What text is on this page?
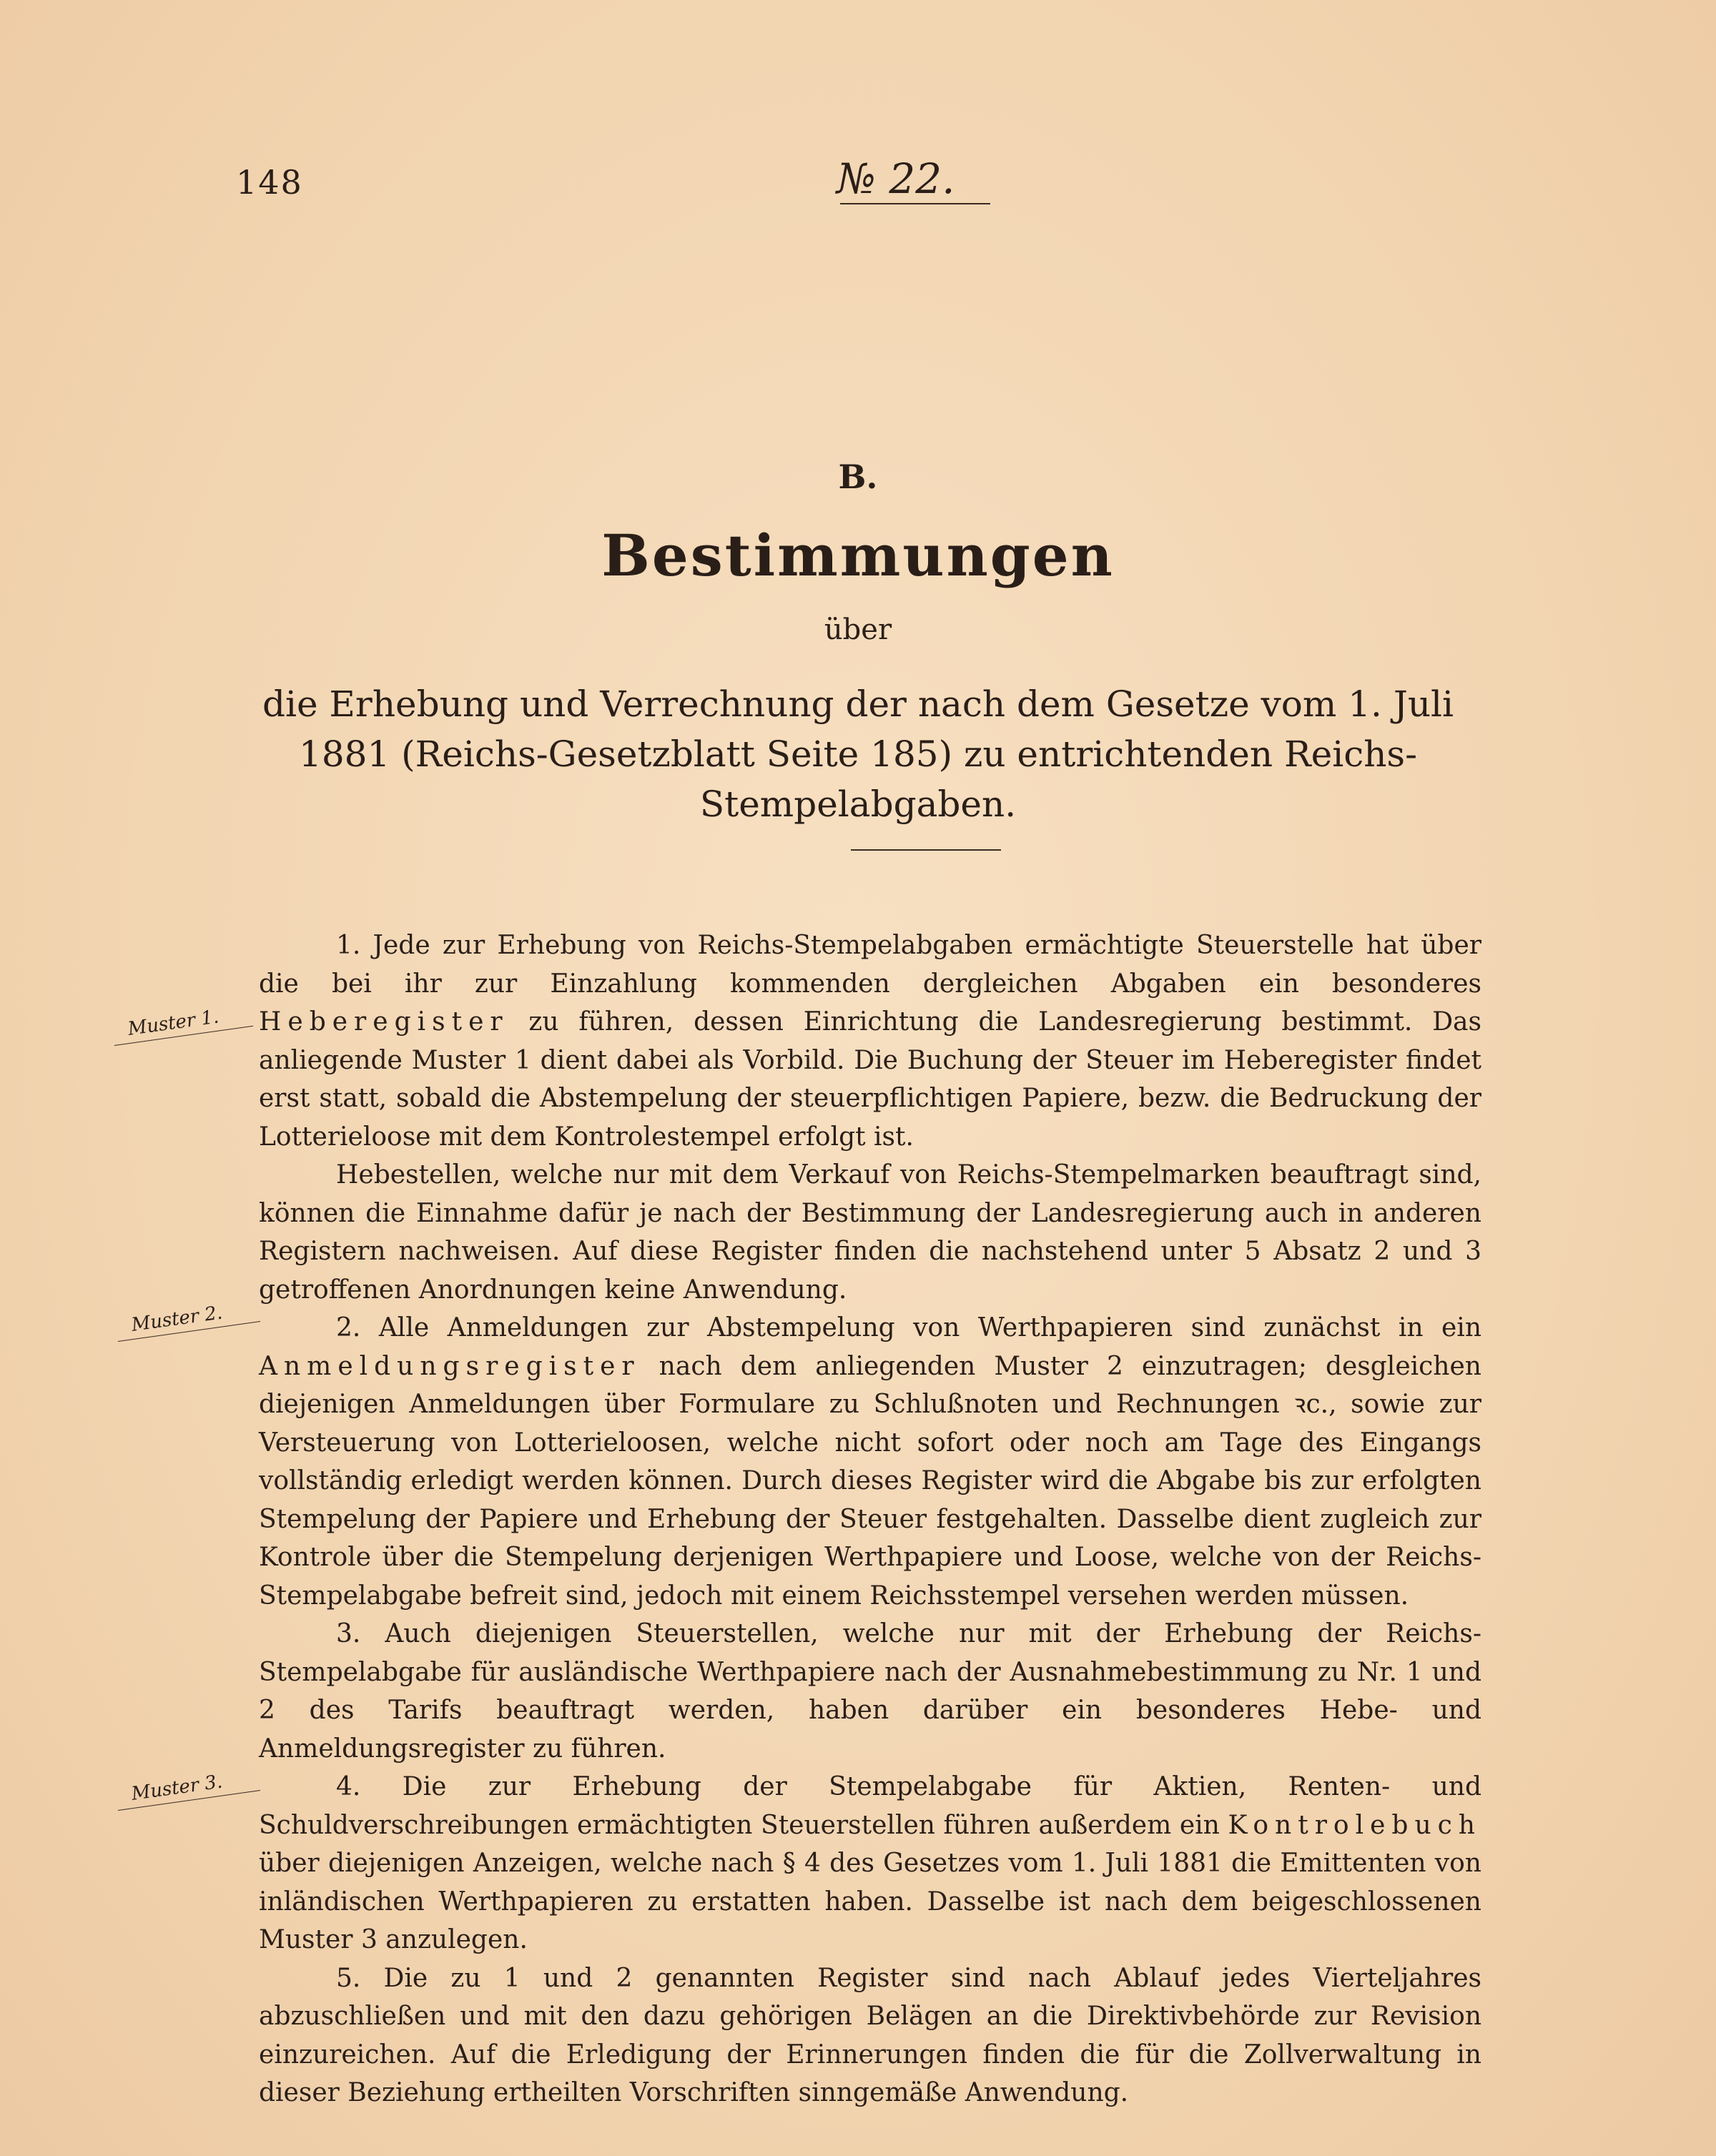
148	№ 22.
B.
Bestimmungen
über
die Erhebung und Verrechnung der nach dem Gesetze vom 1. Juli 1881 (Reichs-Gesetzblatt Seite 185) zu entrichtenden Reichs-Stempelabgaben.
Muster 1.
Muster 2.
Muster 3.

1. Jede zur Erhebung von Reichs-Stempelabgaben ermächtigte Steuerstelle hat über die bei ihr zur Einzahlung kommenden dergleichen Abgaben ein besonderes Heberegister zu führen, dessen Einrichtung die Landesregierung bestimmt. Das anliegende Muster 1 dient dabei als Vorbild. Die Buchung der Steuer im Heberegister findet erst statt, sobald die Abstempelung der steuerpflichtigen Papiere, bezw. die Bedruckung der Lotterieloose mit dem Kontrolestempel erfolgt ist.

Hebestellen, welche nur mit dem Verkauf von Reichs-Stempelmarken beauftragt sind, können die Einnahme dafür je nach der Bestimmung der Landesregierung auch in anderen Registern nachweisen. Auf diese Register finden die nachstehend unter 5 Absatz 2 und 3 getroffenen Anordnungen keine Anwendung.

2. Alle Anmeldungen zur Abstempelung von Werthpapieren sind zunächst in ein Anmeldungsregister nach dem anliegenden Muster 2 einzutragen; desgleichen diejenigen Anmeldungen über Formulare zu Schlußnoten und Rechnungen ꝛc., sowie zur Versteuerung von Lotterieloosen, welche nicht sofort oder noch am Tage des Eingangs vollständig erledigt werden können. Durch dieses Register wird die Abgabe bis zur erfolgten Stempelung der Papiere und Erhebung der Steuer festgehalten. Dasselbe dient zugleich zur Kontrole über die Stempelung derjenigen Werthpapiere und Loose, welche von der Reichs-Stempelabgabe befreit sind, jedoch mit einem Reichsstempel versehen werden müssen.

3. Auch diejenigen Steuerstellen, welche nur mit der Erhebung der Reichs-Stempelabgabe für ausländische Werthpapiere nach der Ausnahmebestimmung zu Nr. 1 und 2 des Tarifs beauftragt werden, haben darüber ein besonderes Hebe- und Anmeldungsregister zu führen.

4. Die zur Erhebung der Stempelabgabe für Aktien, Renten- und Schuldverschreibungen ermächtigten Steuerstellen führen außerdem ein Kontrolebuch über diejenigen Anzeigen, welche nach § 4 des Gesetzes vom 1. Juli 1881 die Emittenten von inländischen Werthpapieren zu erstatten haben. Dasselbe ist nach dem beigeschlossenen Muster 3 anzulegen.

5. Die zu 1 und 2 genannten Register sind nach Ablauf jedes Vierteljahres abzuschließen und mit den dazu gehörigen Belägen an die Direktivbehörde zur Revision einzureichen. Auf die Erledigung der Erinnerungen finden die für die Zollverwaltung in dieser Beziehung ertheilten Vorschriften sinngemäße Anwendung.
